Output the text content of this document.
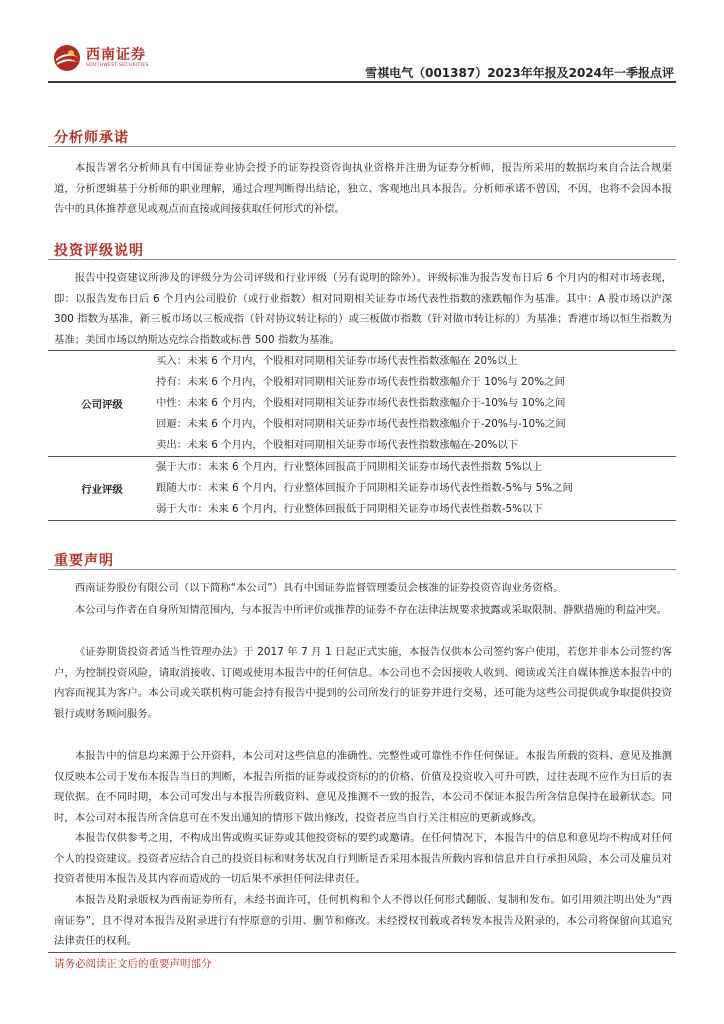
西南证券
SOUTHWEST SECURITIES
雪祺电气（001387）2023年年报及2024年一季报点评
分析师承诺
本报告署名分析师具有中国证券业协会授予的证券投资咨询执业资格并注册为证券分析师，报告所采用的数据均来自合法合规渠道，分析逻辑基于分析师的职业理解，通过合理判断得出结论，独立、客观地出具本报告。分析师承诺不曾因，不因，也将不会因本报告中的具体推荐意见或观点而直接或间接获取任何形式的补偿。
投资评级说明
报告中投资建议所涉及的评级分为公司评级和行业评级（另有说明的除外）。评级标准为报告发布日后 6 个月内的相对市场表现，即：以报告发布日后 6 个月内公司股价（或行业指数）相对同期相关证券市场代表性指数的涨跌幅作为基准。其中：A 股市场以沪深 300 指数为基准，新三板市场以三板成指（针对协议转让标的）或三板做市指数（针对做市转让标的）为基准；香港市场以恒生指数为基准；美国市场以纳斯达克综合指数或标普 500 指数为基准。
公司评级
买入：未来 6 个月内，个股相对同期相关证券市场代表性指数涨幅在 20%以上
持有：未来 6 个月内，个股相对同期相关证券市场代表性指数涨幅介于 10%与 20%之间
中性：未来 6 个月内，个股相对同期相关证券市场代表性指数涨幅介于-10%与 10%之间
回避：未来 6 个月内，个股相对同期相关证券市场代表性指数涨幅介于-20%与-10%之间
卖出：未来 6 个月内，个股相对同期相关证券市场代表性指数涨幅在-20%以下
行业评级
强于大市：未来 6 个月内，行业整体回报高于同期相关证券市场代表性指数 5%以上
跟随大市：未来 6 个月内，行业整体回报介于同期相关证券市场代表性指数-5%与 5%之间
弱于大市：未来 6 个月内，行业整体回报低于同期相关证券市场代表性指数-5%以下
重要声明
西南证券股份有限公司（以下简称“本公司”）具有中国证券监督管理委员会核准的证券投资咨询业务资格。
本公司与作者在自身所知情范围内，与本报告中所评价或推荐的证券不存在法律法规要求披露或采取限制、静默措施的利益冲突。
《证券期货投资者适当性管理办法》于 2017 年 7 月 1 日起正式实施，本报告仅供本公司签约客户使用，若您并非本公司签约客户，为控制投资风险，请取消接收、订阅或使用本报告中的任何信息。本公司也不会因接收人收到、阅读或关注自媒体推送本报告中的内容而视其为客户。本公司或关联机构可能会持有报告中提到的公司所发行的证券并进行交易，还可能为这些公司提供或争取提供投资银行或财务顾问服务。
本报告中的信息均来源于公开资料，本公司对这些信息的准确性、完整性或可靠性不作任何保证。本报告所载的资料、意见及推测仅反映本公司于发布本报告当日的判断，本报告所指的证券或投资标的的价格、价值及投资收入可升可跌，过往表现不应作为日后的表现依据。在不同时期，本公司可发出与本报告所载资料、意见及推测不一致的报告，本公司不保证本报告所含信息保持在最新状态。同时，本公司对本报告所含信息可在不发出通知的情形下做出修改，投资者应当自行关注相应的更新或修改。
本报告仅供参考之用，不构成出售或购买证券或其他投资标的要约或邀请。在任何情况下，本报告中的信息和意见均不构成对任何个人的投资建议。投资者应结合自己的投资目标和财务状况自行判断是否采用本报告所载内容和信息并自行承担风险，本公司及雇员对投资者使用本报告及其内容而造成的一切后果不承担任何法律责任。
本报告及附录版权为西南证券所有，未经书面许可，任何机构和个人不得以任何形式翻版、复制和发布。如引用须注明出处为“西南证券”，且不得对本报告及附录进行有悖原意的引用、删节和修改。未经授权刊载或者转发本报告及附录的，本公司将保留向其追究法律责任的权利。
请务必阅读正文后的重要声明部分
